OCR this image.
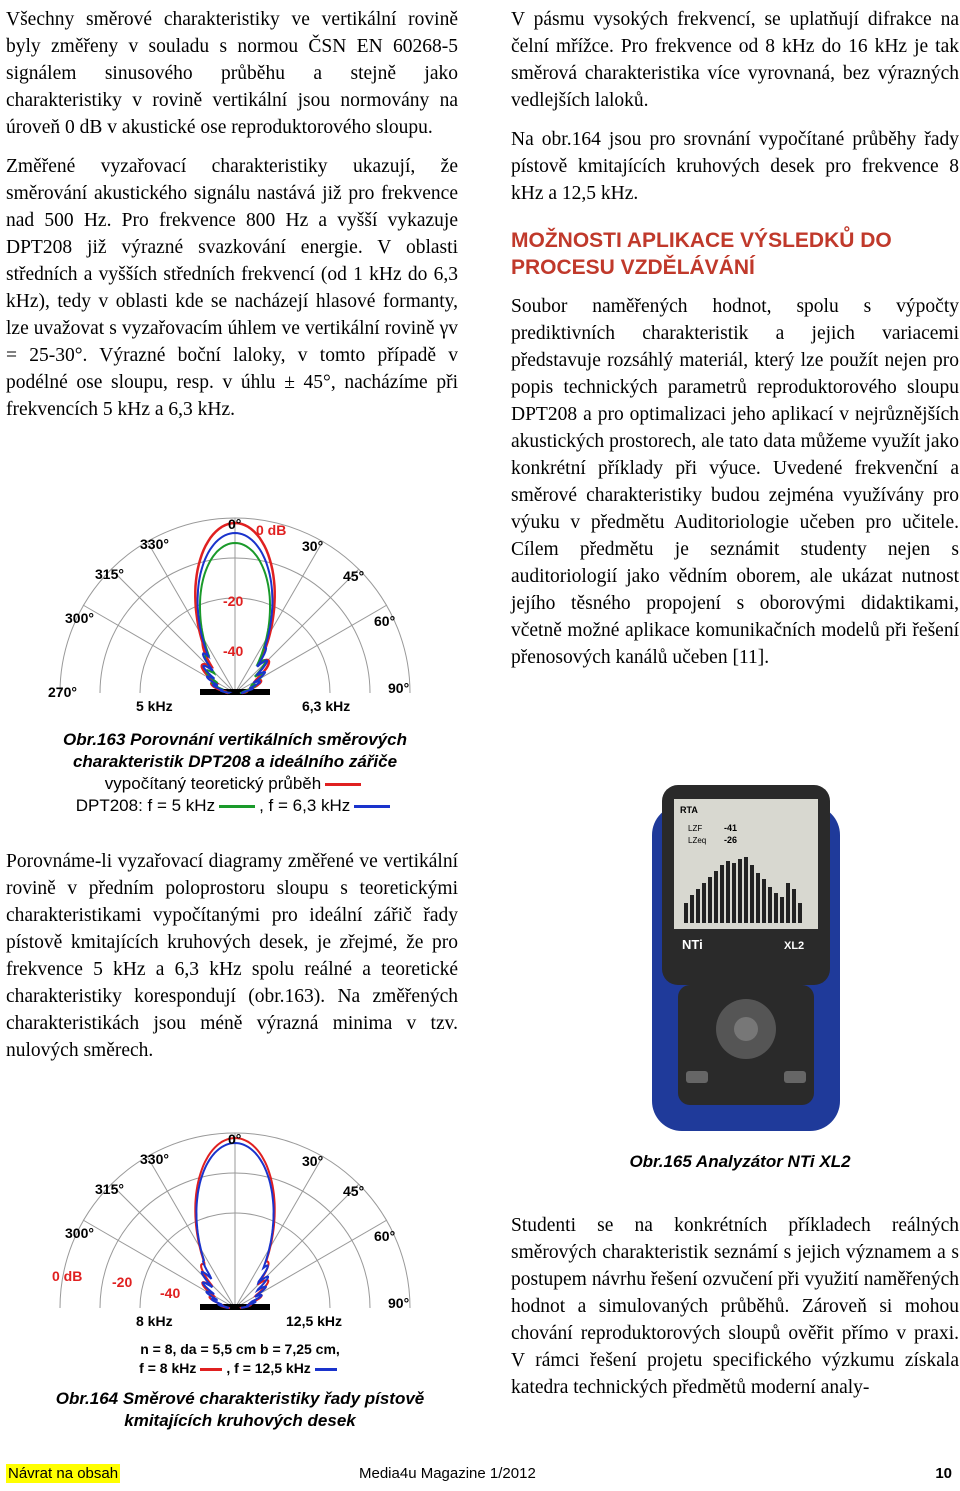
Všechny směrové charakteristiky ve vertikální rovině byly změřeny v souladu s normou ČSN EN 60268-5 signálem sinusového průběhu a stejně jako charakteristiky v rovině vertikální jsou normovány na úroveň 0 dB v akustické ose reproduktorového sloupu.

Změřené vyzařovací charakteristiky ukazují, že směrování akustického signálu nastává již pro frekvence nad 500 Hz. Pro frekvence 800 Hz a vyšší vykazuje DPT208 již výrazné svazkování energie. V oblasti středních a vyšších středních frekvencí (od 1 kHz do 6,3 kHz), tedy v oblasti kde se nacházejí hlasové formanty, lze uvažovat s vyzařovacím úhlem ve vertikální rovině γv = 25-30°. Výrazné boční laloky, v tomto případě v podélné ose sloupu, resp. v úhlu ± 45°, nacházíme při frekvencích 5 kHz a 6,3 kHz.

0°
330°	30°
315°	45°
300°	60°
270°	90°
0 dB
-20
-40
5 kHz	6,3 kHz
Obr.163 Porovnání vertikálních směrových charakteristik DPT208 a ideálního zářiče
vypočítaný teoretický průběh
DPT208: f = 5 kHz	, f = 6,3 kHz

Porovnáme-li vyzařovací diagramy změřené ve vertikální rovině v předním poloprostoru sloupu s teoretickými charakteristikami vypočítanými pro ideální zářič řady pístově kmitajících kruhových desek, je zřejmé, že pro frekvence 5 kHz a 6,3 kHz spolu reálné a teoretické charakteristiky korespondují (obr.163). Na změřených charakteristikách jsou méně výrazná minima v tzv. nulových směrech.

0°
330°	30°
315°	45°
300°	60°
90°
0 dB -20
-40
8 kHz	12,5 kHz
n = 8, da = 5,5 cm b = 7,25 cm,
f = 8 kHz , f = 12,5 kHz
Obr.164 Směrové charakteristiky řady pístově kmitajících kruhových desek

V pásmu vysokých frekvencí, se uplatňují difrakce na čelní mřížce. Pro frekvence od 8 kHz do 16 kHz je tak směrová charakteristika více vyrovnaná, bez výrazných vedlejších laloků.

Na obr.164 jsou pro srovnání vypočítané průběhy řady pístově kmitajících kruhových desek pro frekvence 8 kHz a 12,5 kHz.

MOŽNOSTI APLIKACE VÝSLEDKŮ DO PROCESU VZDĚLÁVÁNÍ

Soubor naměřených hodnot, spolu s výpočty prediktivních charakteristik a jejich variacemi představuje rozsáhlý materiál, který lze použít nejen pro popis technických parametrů reproduktorového sloupu DPT208 a pro optimalizaci jeho aplikací v nejrůznějších akustických prostorech, ale tato data můžeme využít jako konkrétní příklady při výuce. Uvedené frekvenční a směrové charakteristiky budou zejména využívány pro výuku v předmětu Auditoriologie učeben pro učitele. Cílem předmětu je seznámit studenty nejen s auditoriologií jako vědním oborem, ale ukázat nutnost jejího těsného propojení s oborovými didaktikami, včetně možné aplikace komunikačních modelů při řešení přenosových kanálů učeben [11].

RTA
LZF
LZeq
-41
-26
NTi	XL2
Obr.165 Analyzátor NTi XL2

Studenti se na konkrétních příkladech reálných směrových charakteristik seznámí s jejich významem a s postupem návrhu řešení ozvučení při využití naměřených hodnot a simulovaných průběhů. Zároveň si mohou chování reproduktorových sloupů ověřit přímo v praxi. V rámci řešení projetu specifického výzkumu získala katedra technických předmětů moderní analy-

Návrat na obsah	Media4u Magazine 1/2012	10
